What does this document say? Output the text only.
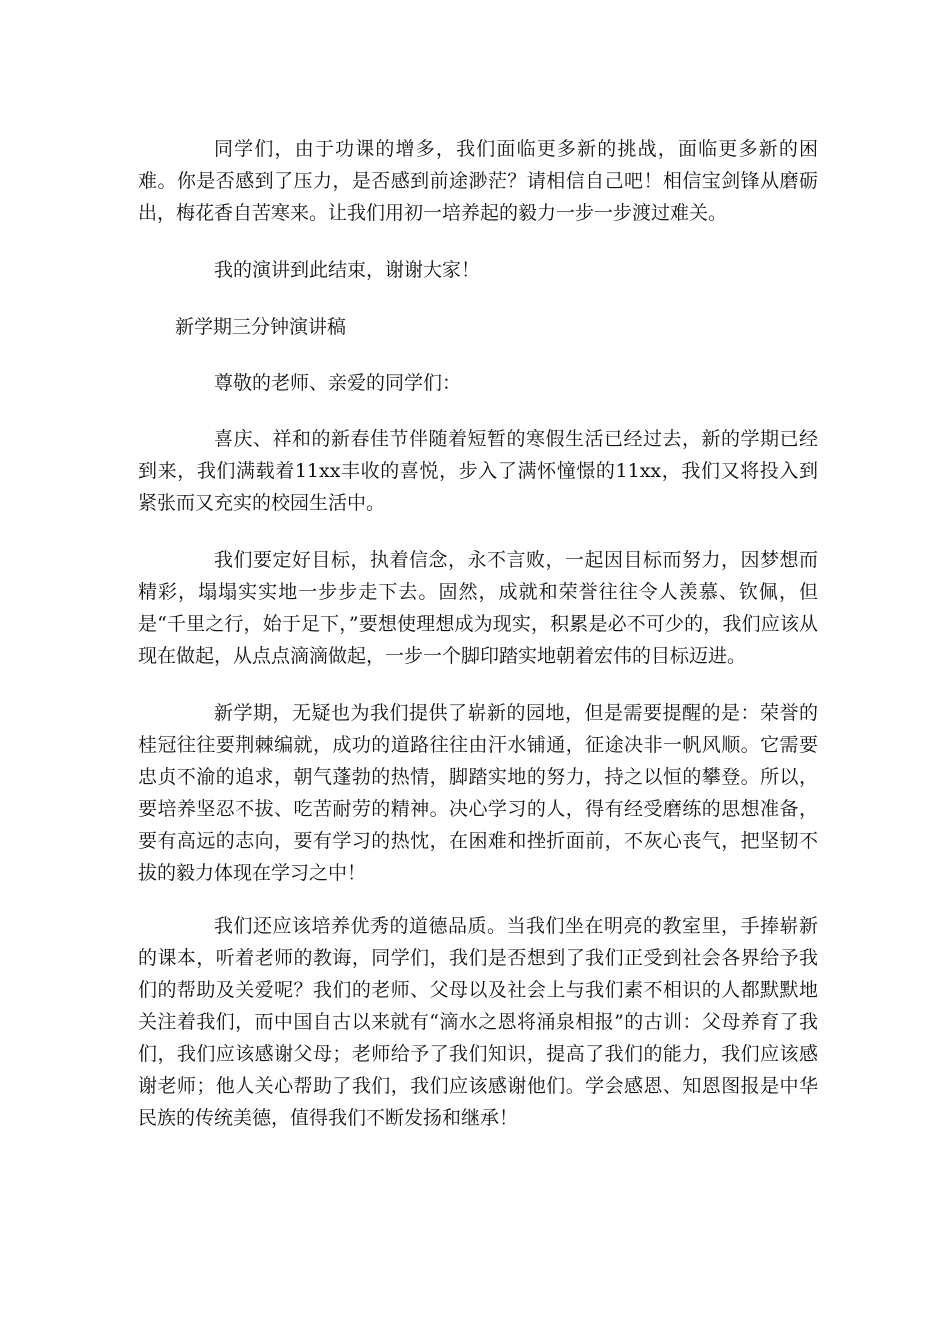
同学们，由于功课的增多，我们面临更多新的挑战，面临更多新的困难。你是否感到了压力，是否感到前途渺茫？请相信自己吧！相信宝剑锋从磨砺出，梅花香自苦寒来。让我们用初一培养起的毅力一步一步渡过难关。

我的演讲到此结束，谢谢大家！

新学期三分钟演讲稿

尊敬的老师、亲爱的同学们：

喜庆、祥和的新春佳节伴随着短暂的寒假生活已经过去，新的学期已经到来，我们满载着11xx丰收的喜悦，步入了满怀憧憬的11xx，我们又将投入到紧张而又充实的校园生活中。

我们要定好目标，执着信念，永不言败，一起因目标而努力，因梦想而精彩，塌塌实实地一步步走下去。固然，成就和荣誉往往令人羡慕、钦佩，但是“千里之行，始于足下，”要想使理想成为现实，积累是必不可少的，我们应该从现在做起，从点点滴滴做起，一步一个脚印踏实地朝着宏伟的目标迈进。

新学期，无疑也为我们提供了崭新的园地，但是需要提醒的是：荣誉的桂冠往往要荆棘编就，成功的道路往往由汗水铺通，征途决非一帆风顺。它需要忠贞不渝的追求，朝气蓬勃的热情，脚踏实地的努力，持之以恒的攀登。所以，要培养坚忍不拔、吃苦耐劳的精神。决心学习的人，得有经受磨练的思想准备，要有高远的志向，要有学习的热忱，在困难和挫折面前，不灰心丧气，把坚韧不拔的毅力体现在学习之中！

我们还应该培养优秀的道德品质。当我们坐在明亮的教室里，手捧崭新的课本，听着老师的教诲，同学们，我们是否想到了我们正受到社会各界给予我们的帮助及关爱呢？我们的老师、父母以及社会上与我们素不相识的人都默默地关注着我们，而中国自古以来就有“滴水之恩将涌泉相报”的古训：父母养育了我们，我们应该感谢父母；老师给予了我们知识，提高了我们的能力，我们应该感谢老师；他人关心帮助了我们，我们应该感谢他们。学会感恩、知恩图报是中华民族的传统美德，值得我们不断发扬和继承！
